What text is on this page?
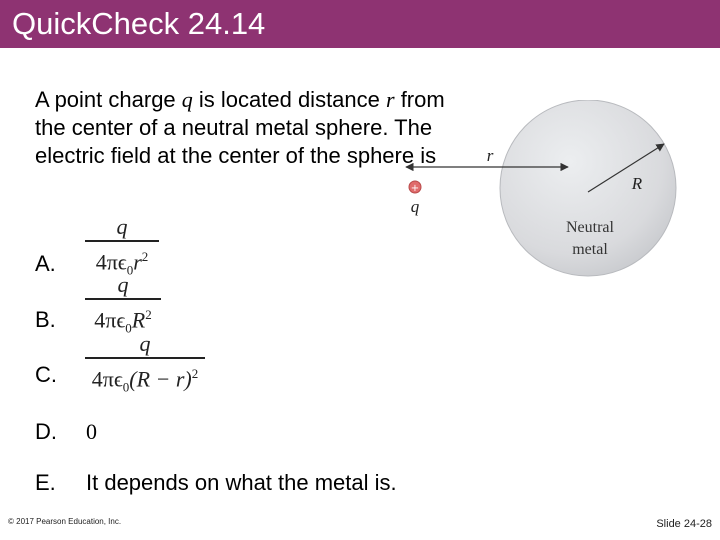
Quick​Check 24.14
A point charge q is located distance r from the center of a neutral metal sphere. The electric field at the center of the sphere is
+
q
r
R
Neutral
metal
A.
q
$4\pi\epsilon_0r^2$
B.
q
$4\pi\epsilon_0R^2$
C.
q
$4\pi\epsilon_0(R - r)^2$
D. 0
E. It depends on what the metal is.
© 2017 Pearson Education, Inc.	Slide 24-28
